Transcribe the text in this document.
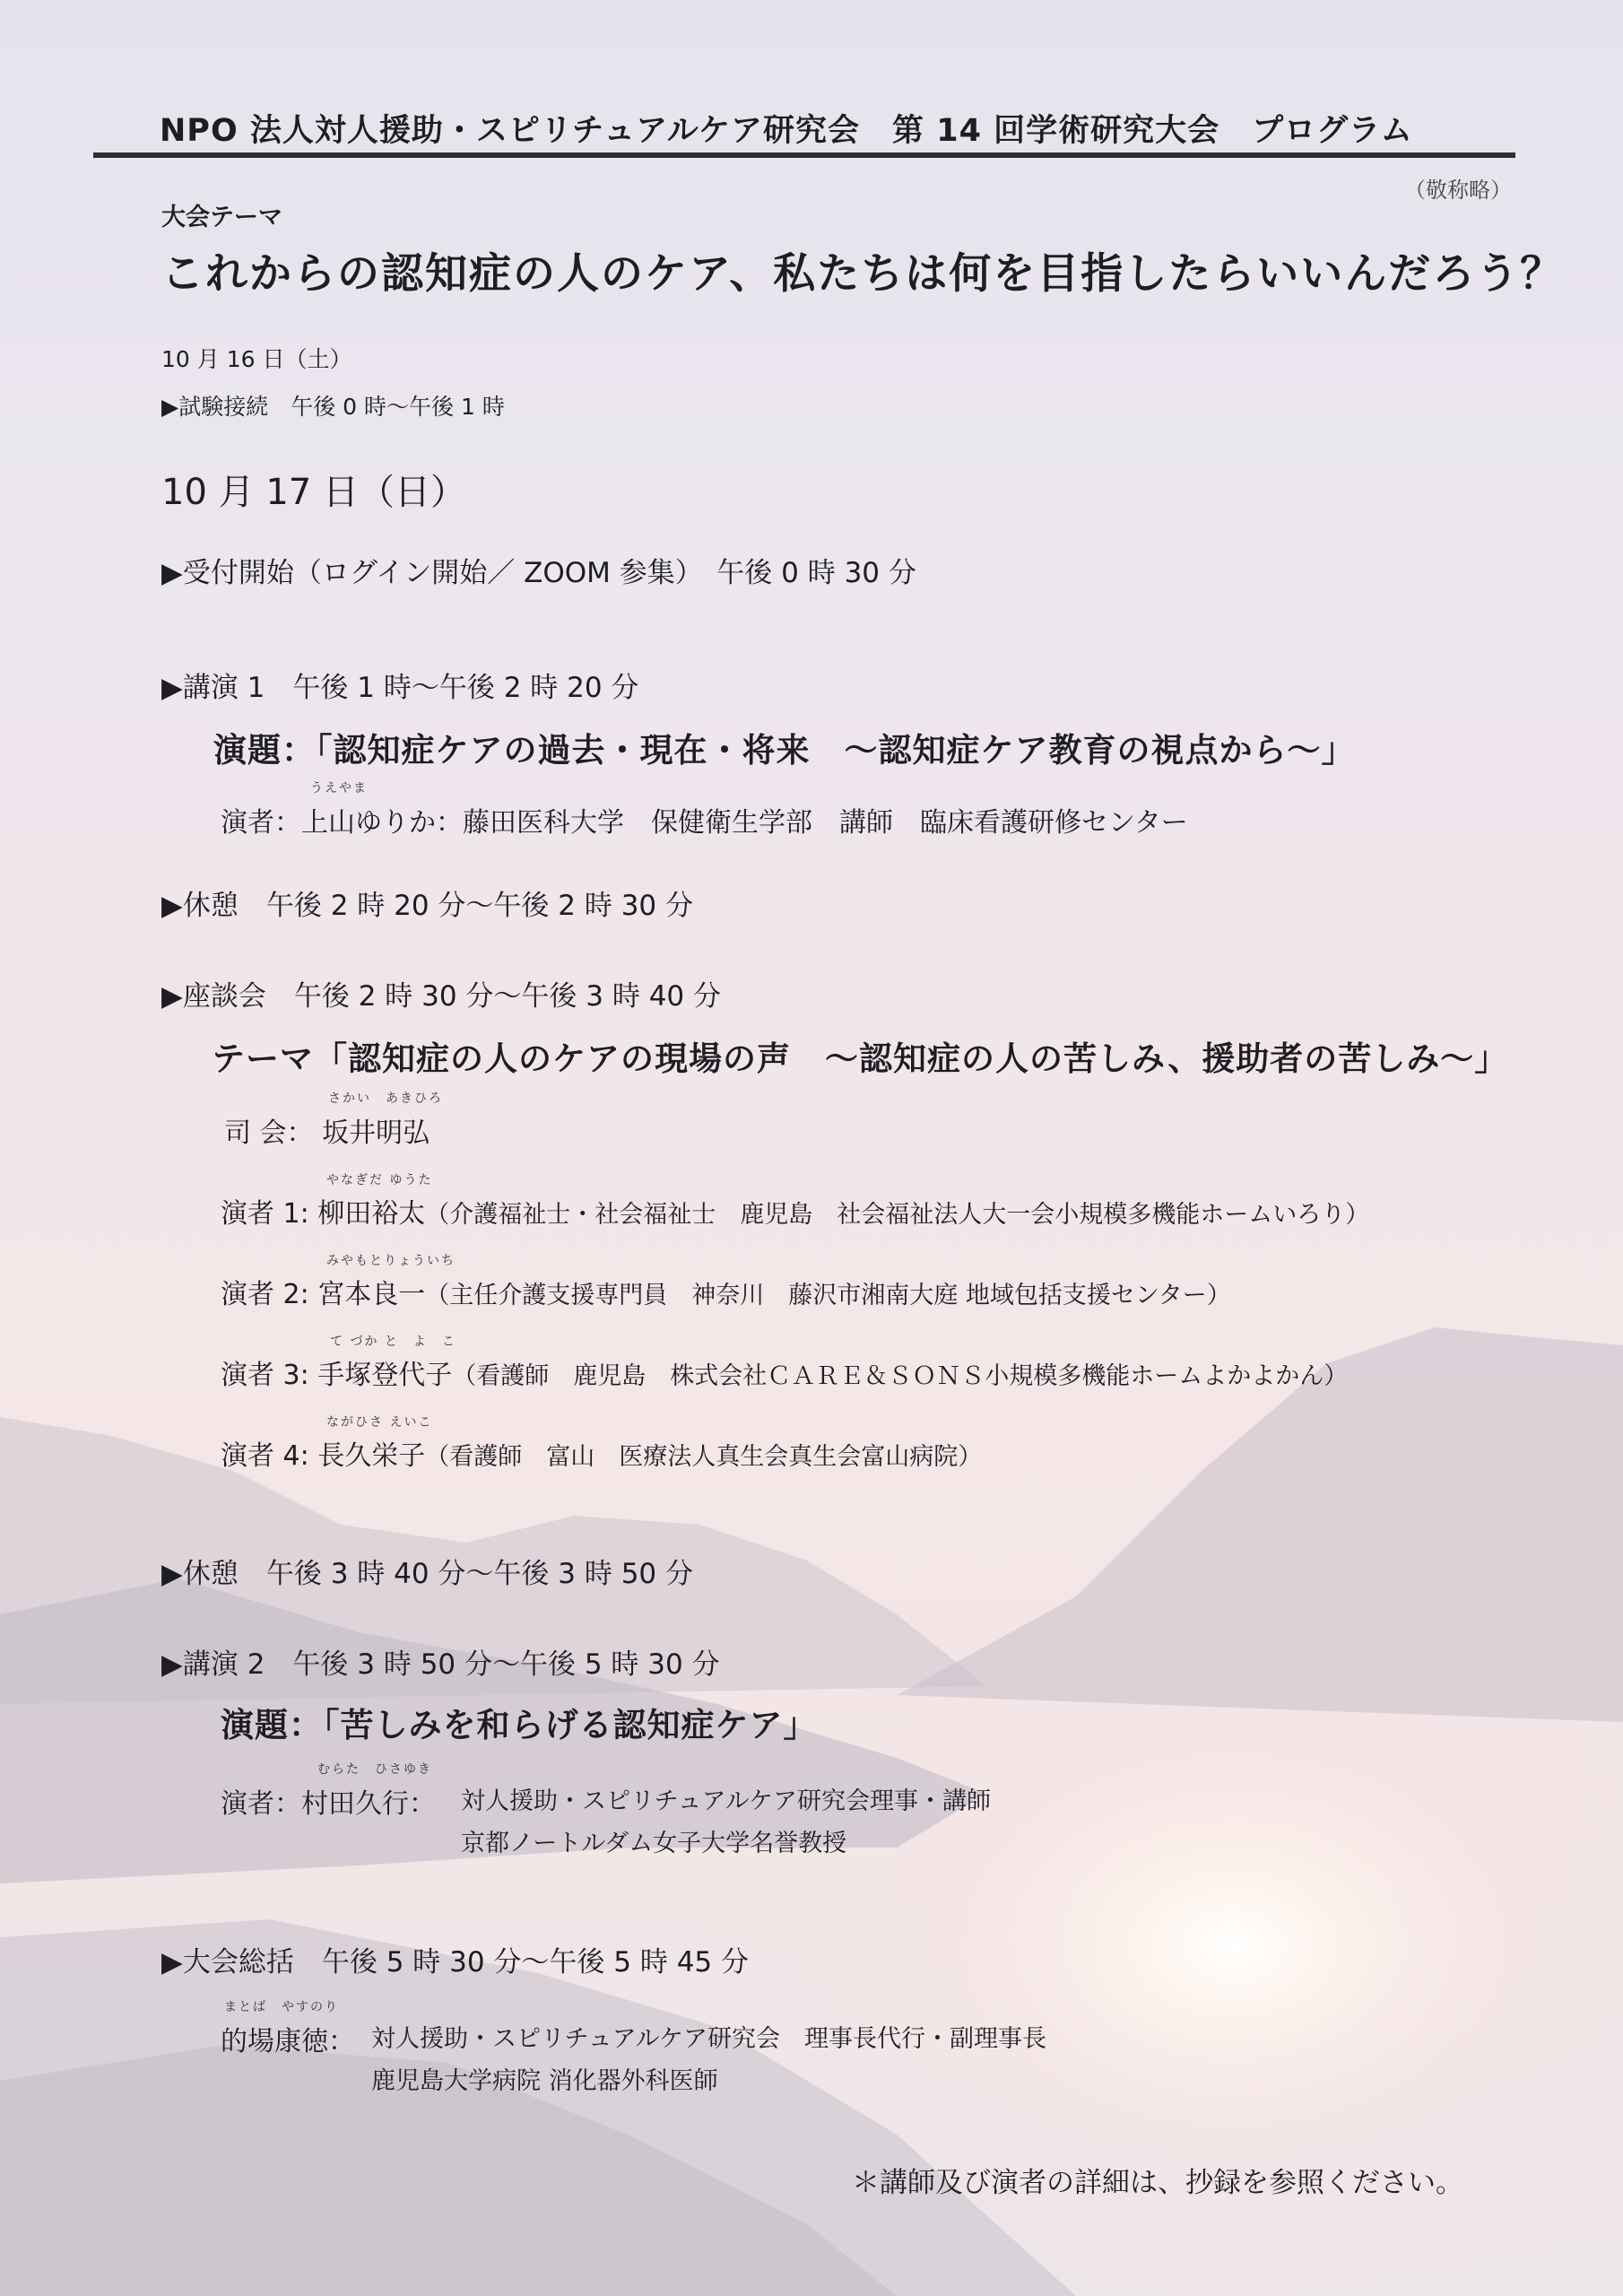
NPO 法人対人援助・スピリチュアルケア研究会　第 14 回学術研究大会　プログラム
（敬称略）
大会テーマ
これからの認知症の人のケア、私たちは何を目指したらいいんだろう？
10 月 16 日（土）
▶試験接続　午後 0 時～午後 1 時
10 月 17 日（日）
▶受付開始（ログイン開始／ ZOOM 参集）　午後 0 時 30 分
▶講演 1　午後 1 時～午後 2 時 20 分
演題：「認知症ケアの過去・現在・将来　～認知症ケア教育の視点から～」
うえやま
演者：上山ゆりか：藤田医科大学　保健衛生学部　講師　臨床看護研修センター
▶休憩　午後 2 時 20 分～午後 2 時 30 分
▶座談会　午後 2 時 30 分～午後 3 時 40 分
テーマ「認知症の人のケアの現場の声　～認知症の人の苦しみ、援助者の苦しみ～」
さかい　あきひろ
司 会： 坂井明弘
やなぎだ ゆうた
演者 1: 柳田裕太（介護福祉士・社会福祉士　鹿児島　社会福祉法人大一会小規模多機能ホームいろり）
みやもとりょういち
演者 2: 宮本良一（主任介護支援専門員　神奈川　藤沢市湘南大庭 地域包括支援センター）
て づか と　よ　こ
演者 3: 手塚登代子（看護師　鹿児島　株式会社ＣＡＲＥ＆ＳＯＮＳ小規模多機能ホームよかよかん）
ながひさ えいこ
演者 4: 長久栄子（看護師　富山　医療法人真生会真生会富山病院）
▶休憩　午後 3 時 40 分～午後 3 時 50 分
▶講演 2　午後 3 時 50 分～午後 5 時 30 分
演題：「苦しみを和らげる認知症ケア」
むらた　ひさゆき
演者：村田久行： 対人援助・スピリチュアルケア研究会理事・講師
京都ノートルダム女子大学名誉教授
▶大会総括　午後 5 時 30 分～午後 5 時 45 分
まとば　やすのり
的場康徳： 対人援助・スピリチュアルケア研究会　理事長代行・副理事長
鹿児島大学病院 消化器外科医師
＊講師及び演者の詳細は、抄録を参照ください。
